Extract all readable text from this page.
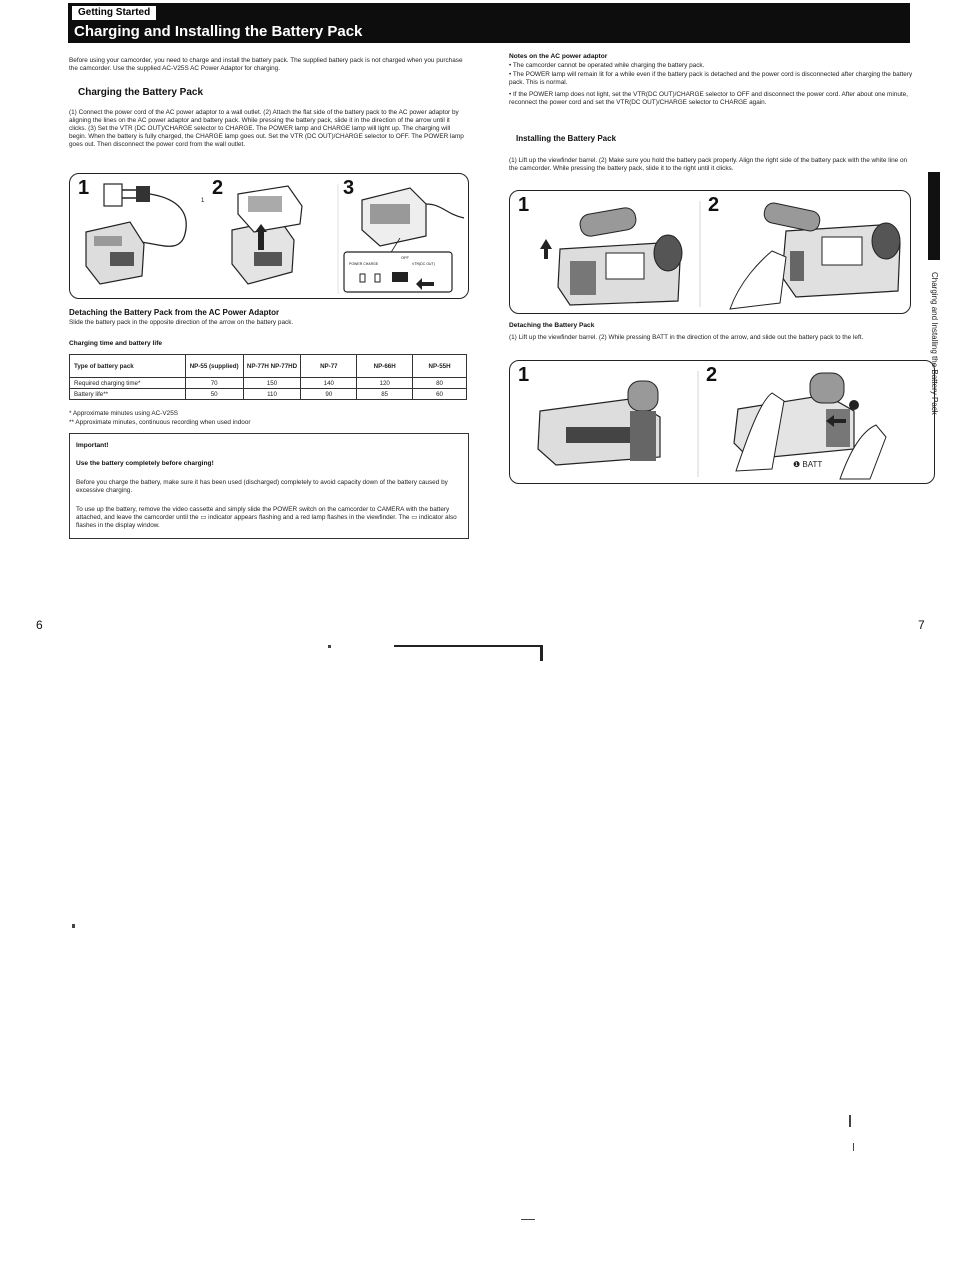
Getting Started
Charging and Installing the Battery Pack
Before using your camcorder, you need to charge and install the battery pack. The supplied battery pack is not charged when you purchase the camcorder. Use the supplied AC-V25S AC Power Adaptor for charging.
Charging the Battery Pack
(1) Connect the power cord of the AC power adaptor to a wall outlet. (2) Attach the flat side of the battery pack to the AC power adaptor by aligning the lines on the AC power adaptor and battery pack. While pressing the battery pack, slide it in the direction of the arrow until it clicks. (3) Set the VTR (DC OUT)/CHARGE selector to CHARGE. The POWER lamp and CHARGE lamp will light up. The charging will begin. When the battery is fully charged, the CHARGE lamp goes out. Set the VTR (DC OUT)/CHARGE selector to OFF. The POWER lamp goes out. Then disconnect the power cord from the wall outlet.
1	2	3
1
OFF
POWER CHARGE	VTR(DC OUT)
Detaching the Battery Pack from the AC Power Adaptor
Slide the battery pack in the opposite direction of the arrow on the battery pack.
Charging time and battery life
Type of battery pack	NP-55 (supplied)	NP-77H NP-77HD	NP-77	NP-66H	NP-55H
Required charging time*	70	150	140	120	80
Battery life**	50	110	90	85	60
* Approximate minutes using AC-V25S
** Approximate minutes, continuous recording when used indoor
Important!
Use the battery completely before charging!
Before you charge the battery, make sure it has been used (discharged) completely to avoid capacity down of the battery caused by excessive charging.
To use up the battery, remove the video cassette and simply slide the POWER switch on the camcorder to CAMERA with the battery attached, and leave the camcorder until the ▭ indicator appears flashing and a red lamp flashes in the viewfinder. The ▭ indicator also flashes in the display window.
6
Notes on the AC power adaptor
• The camcorder cannot be operated while charging the battery pack.
• The POWER lamp will remain lit for a while even if the battery pack is detached and the power cord is disconnected after charging the battery pack. This is normal.
• If the POWER lamp does not light, set the VTR(DC OUT)/CHARGE selector to OFF and disconnect the power cord. After about one minute, reconnect the power cord and set the VTR(DC OUT)/CHARGE selector to CHARGE again.
Installing the Battery Pack
(1) Lift up the viewfinder barrel. (2) Make sure you hold the battery pack properly. Align the right side of the battery pack with the white line on the camcorder. While pressing the battery pack, slide it to the right until it clicks.
1	2
Detaching the Battery Pack
(1) Lift up the viewfinder barrel. (2) While pressing BATT in the direction of the arrow, and slide out the battery pack to the left.
1	2
❶ BATT
Charging and Installing the Battery Pack
7
